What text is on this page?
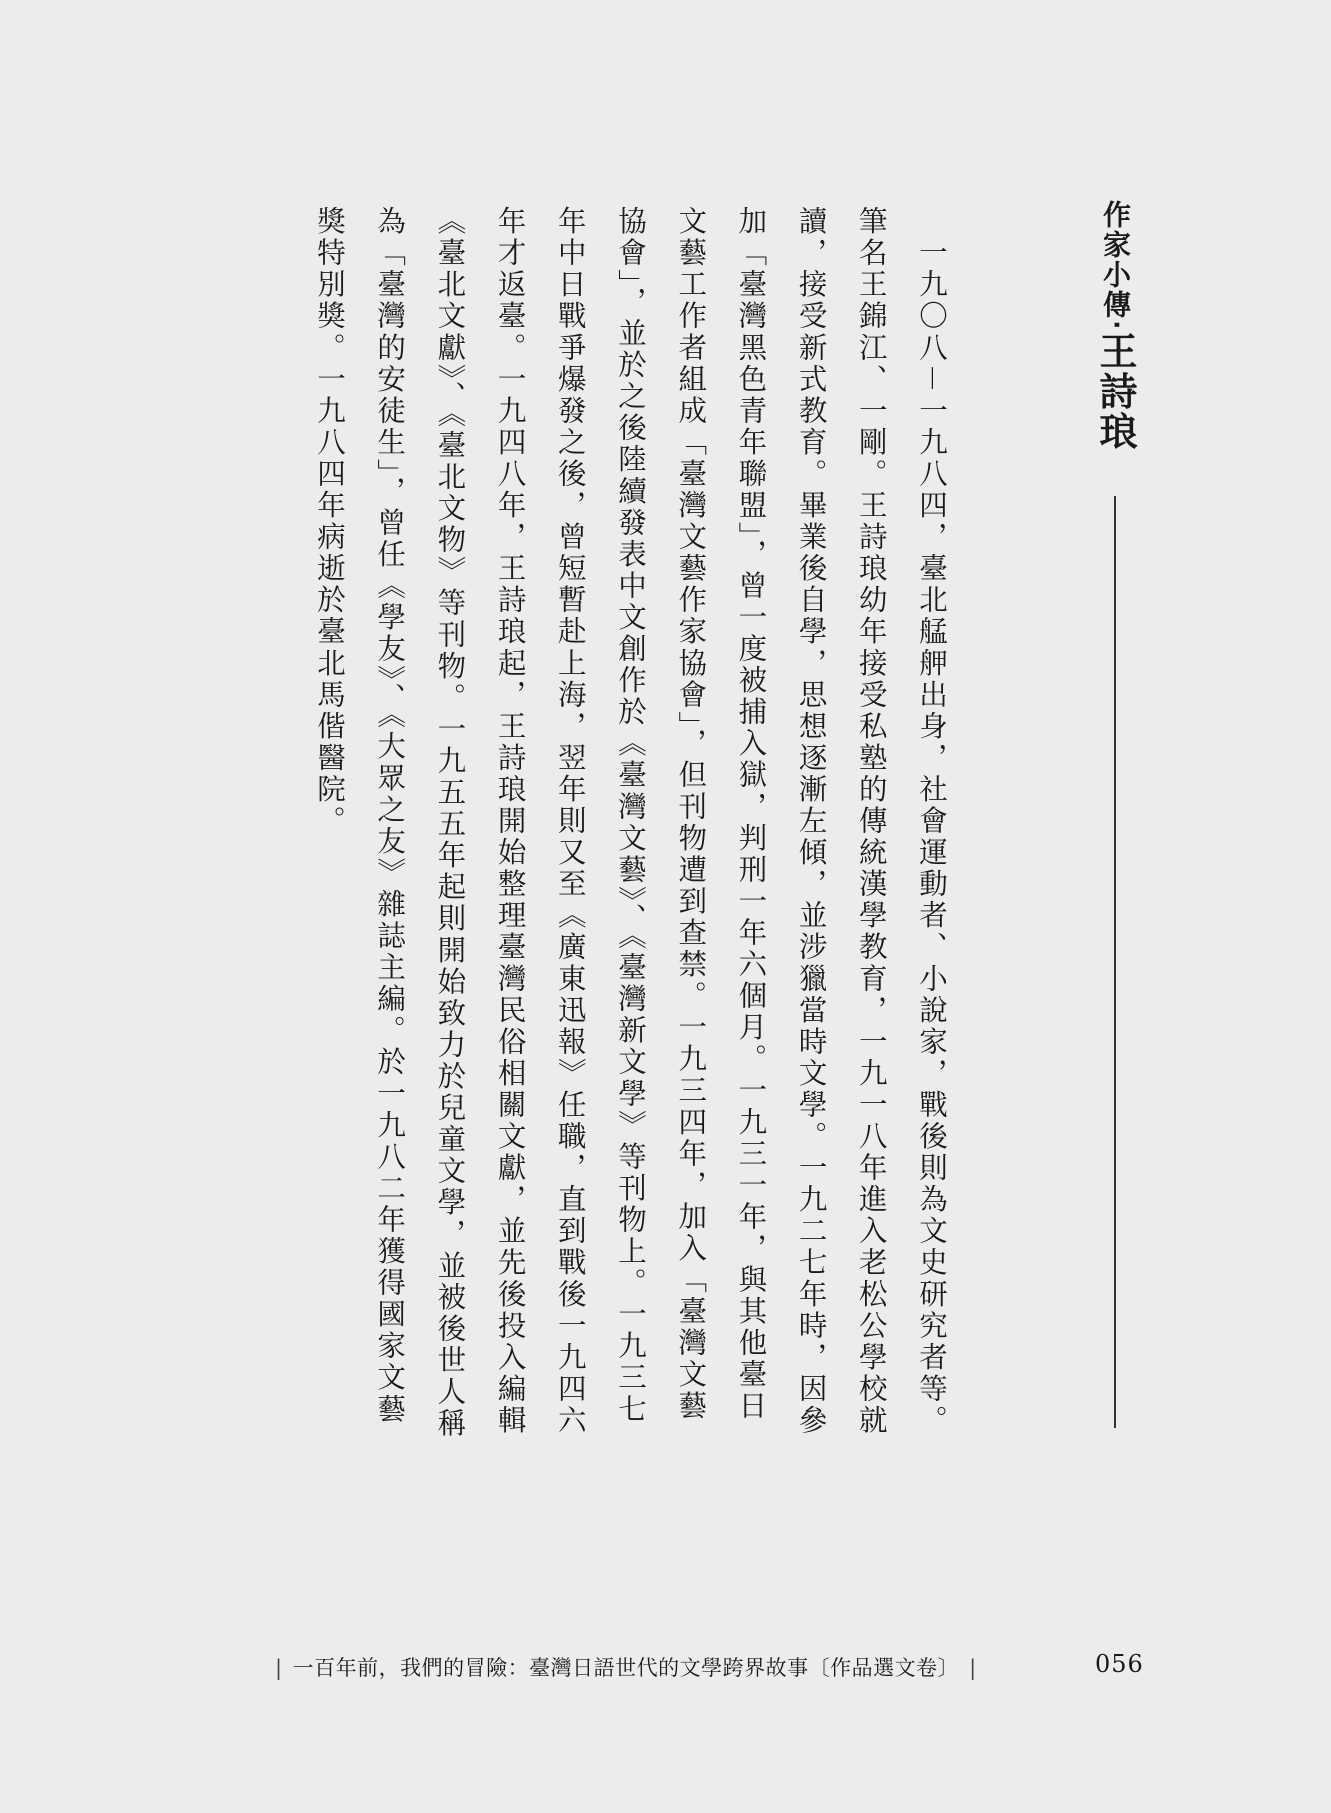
作家小傳‧王詩琅

　一九〇八－一九八四，臺北艋舺出身，社會運動者、小說家，戰後則為文史研究者等。筆名王錦江、一剛。王詩琅幼年接受私塾的傳統漢學教育，一九一八年進入老松公學校就讀，接受新式教育。畢業後自學，思想逐漸左傾，並涉獵當時文學。一九二七年時，因參加「臺灣黑色青年聯盟」，曾一度被捕入獄，判刑一年六個月。一九三一年，與其他臺日文藝工作者組成「臺灣文藝作家協會」，但刊物遭到查禁。一九三四年，加入「臺灣文藝協會」，並於之後陸續發表中文創作於《臺灣文藝》、《臺灣新文學》等刊物上。一九三七年中日戰爭爆發之後，曾短暫赴上海，翌年則又至《廣東迅報》任職，直到戰後一九四六年才返臺。一九四八年，王詩琅起，王詩琅開始整理臺灣民俗相關文獻，並先後投入編輯《臺北文獻》、《臺北文物》等刊物。一九五五年起則開始致力於兒童文學，並被後世人稱為「臺灣的安徒生」，曾任《學友》、《大眾之友》雜誌主編。於一九八二年獲得國家文藝獎特別獎。一九八四年病逝於臺北馬偕醫院。

| 一百年前，我們的冒險：臺灣日語世代的文學跨界故事〔作品選文卷〕 |	056
